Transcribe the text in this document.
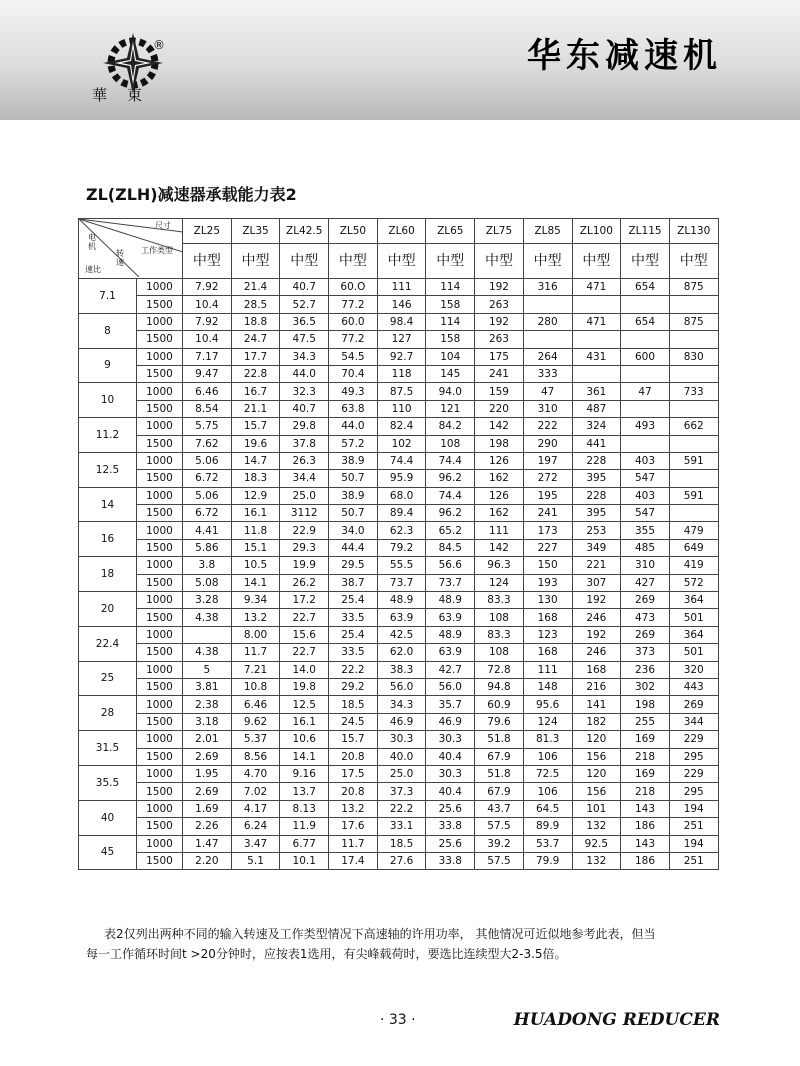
®
華東
华东减速机
ZL(ZLH)减速器承载能力表2
尺寸
工作类型
电机
转速
速比		ZL25	ZL35	ZL42.5	ZL50	ZL60	ZL65	ZL75	ZL85	ZL100	ZL115	ZL130
		中型	中型	中型	中型	中型	中型	中型	中型	中型	中型	中型
7.1	1000	7.92	21.4	40.7	60.O	111	114	192	316	471	654	875
	1500	10.4	28.5	52.7	77.2	146	158	263				
8	1000	7.92	18.8	36.5	60.0	98.4	114	192	280	471	654	875
	1500	10.4	24.7	47.5	77.2	127	158	263				
9	1000	7.17	17.7	34.3	54.5	92.7	104	175	264	431	600	830
	1500	9.47	22.8	44.0	70.4	118	145	241	333			
10	1000	6.46	16.7	32.3	49.3	87.5	94.0	159	47	361	47	733
	1500	8.54	21.1	40.7	63.8	110	121	220	310	487		
11.2	1000	5.75	15.7	29.8	44.0	82.4	84.2	142	222	324	493	662
	1500	7.62	19.6	37.8	57.2	102	108	198	290	441		
12.5	1000	5.06	14.7	26.3	38.9	74.4	74.4	126	197	228	403	591
	1500	6.72	18.3	34.4	50.7	95.9	96.2	162	272	395	547	
14	1000	5.06	12.9	25.0	38.9	68.0	74.4	126	195	228	403	591
	1500	6.72	16.1	3112	50.7	89.4	96.2	162	241	395	547	
16	1000	4.41	11.8	22.9	34.0	62.3	65.2	111	173	253	355	479
	1500	5.86	15.1	29.3	44.4	79.2	84.5	142	227	349	485	649
18	1000	3.8	10.5	19.9	29.5	55.5	56.6	96.3	150	221	310	419
	1500	5.08	14.1	26.2	38.7	73.7	73.7	124	193	307	427	572
20	1000	3.28	9.34	17.2	25.4	48.9	48.9	83.3	130	192	269	364
	1500	4.38	13.2	22.7	33.5	63.9	63.9	108	168	246	473	501
22.4	1000		8.00	15.6	25.4	42.5	48.9	83.3	123	192	269	364
	1500	4.38	11.7	22.7	33.5	62.0	63.9	108	168	246	373	501
25	1000	5	7.21	14.0	22.2	38.3	42.7	72.8	111	168	236	320
	1500	3.81	10.8	19.8	29.2	56.0	56.0	94.8	148	216	302	443
28	1000	2.38	6.46	12.5	18.5	34.3	35.7	60.9	95.6	141	198	269
	1500	3.18	9.62	16.1	24.5	46.9	46.9	79.6	124	182	255	344
31.5	1000	2.01	5.37	10.6	15.7	30.3	30.3	51.8	81.3	120	169	229
	1500	2.69	8.56	14.1	20.8	40.0	40.4	67.9	106	156	218	295
35.5	1000	1.95	4.70	9.16	17.5	25.0	30.3	51.8	72.5	120	169	229
	1500	2.69	7.02	13.7	20.8	37.3	40.4	67.9	106	156	218	295
40	1000	1.69	4.17	8.13	13.2	22.2	25.6	43.7	64.5	101	143	194
	1500	2.26	6.24	11.9	17.6	33.1	33.8	57.5	89.9	132	186	251
45	1000	1.47	3.47	6.77	11.7	18.5	25.6	39.2	53.7	92.5	143	194
	1500	2.20	5.1	10.1	17.4	27.6	33.8	57.5	79.9	132	186	251
表2仅列出两种不同的输入转速及工作类型情况下高速轴的许用功率， 其他情况可近似地参考此表，但当
每一工作循环时间t >20分钟时，应按表1选用，有尖峰载荷时，要选比连续型大2-3.5倍。
· 33 ·	HUADONG REDUCER
